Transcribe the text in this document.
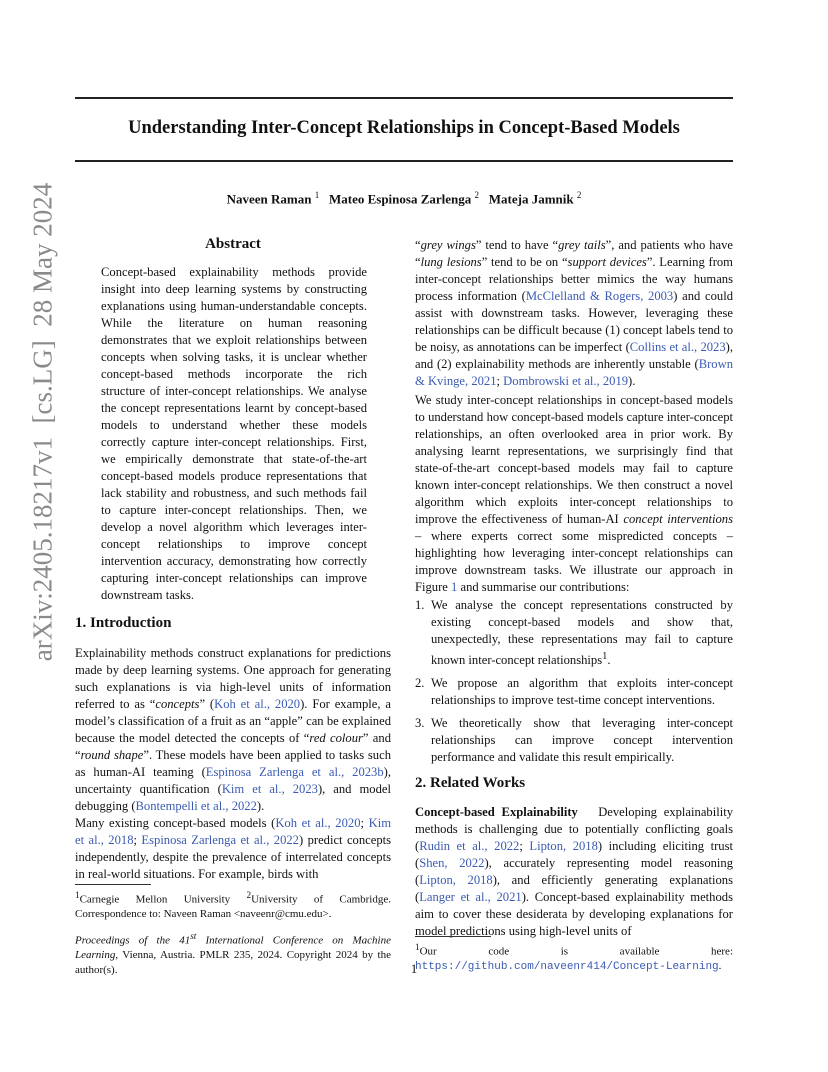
Understanding Inter-Concept Relationships in Concept-Based Models
Naveen Raman $^1$ Mateo Espinosa Zarlenga $^2$ Mateja Jamnik $^2$
arXiv:2405.18217v1  [cs.LG]  28 May 2024	Abstract
Concept-based explainability methods provide insight into deep learning systems by constructing explanations using human-understandable concepts. While the literature on human reasoning demonstrates that we exploit relationships between concepts when solving tasks, it is unclear whether concept-based methods incorporate the rich structure of inter-concept relationships. We analyse the concept representations learnt by concept-based models to understand whether these models correctly capture inter-concept relationships. First, we empirically demonstrate that state-of-the-art concept-based models produce representations that lack stability and robustness, and such methods fail to capture inter-concept relationships. Then, we develop a novel algorithm which leverages inter-concept relationships to improve concept intervention accuracy, demonstrating how correctly capturing inter-concept relationships can improve downstream tasks.
1. Introduction

Explainability methods construct explanations for predictions made by deep learning systems. One approach for generating such explanations is via high-level units of information referred to as “concepts” (Koh et al., 2020). For example, a model’s classification of a fruit as an “apple” can be explained because the model detected the concepts of “red colour” and “round shape”. These models have been applied to tasks such as human-AI teaming (Espinosa Zarlenga et al., 2023b), uncertainty quantification (Kim et al., 2023), and model debugging (Bontempelli et al., 2022).

Many existing concept-based models (Koh et al., 2020; Kim et al., 2018; Espinosa Zarlenga et al., 2022) predict concepts independently, despite the prevalence of interrelated concepts in real-world situations. For example, birds with

$^1$Carnegie Mellon University $^2$University of Cambridge. Correspondence to: Naveen Raman <naveenr@cmu.edu>.
Proceedings of the 41st International Conference on Machine Learning, Vienna, Austria. PMLR 235, 2024. Copyright 2024 by the author(s).

“grey wings” tend to have “grey tails”, and patients who have “lung lesions” tend to be on “support devices”. Learning from inter-concept relationships better mimics the way humans process information (McClelland & Rogers, 2003) and could assist with downstream tasks. However, leveraging these relationships can be difficult because (1) concept labels tend to be noisy, as annotations can be imperfect (Collins et al., 2023), and (2) explainability methods are inherently unstable (Brown & Kvinge, 2021; Dombrowski et al., 2019).

We study inter-concept relationships in concept-based models to understand how concept-based models capture inter-concept relationships, an often overlooked area in prior work. By analysing learnt representations, we surprisingly find that state-of-the-art concept-based models may fail to capture known inter-concept relationships. We then construct a novel algorithm which exploits inter-concept relationships to improve the effectiveness of human-AI concept interventions – where experts correct some mispredicted concepts – highlighting how leveraging inter-concept relationships can improve downstream tasks. We illustrate our approach in Figure 1 and summarise our contributions:

1. We analyse the concept representations constructed by existing concept-based models and show that, unexpectedly, these representations may fail to capture known inter-concept relationships$^1$.
2. We propose an algorithm that exploits inter-concept relationships to improve test-time concept interventions.
3. We theoretically show that leveraging inter-concept relationships can improve concept intervention performance and validate this result empirically.
2. Related Works

Concept-based Explainability Developing explainability methods is challenging due to potentially conflicting goals (Rudin et al., 2022; Lipton, 2018) including eliciting trust (Shen, 2022), accurately representing model reasoning (Lipton, 2018), and efficiently generating explanations (Langer et al., 2021). Concept-based explainability methods aim to cover these desiderata by developing explanations for model predictions using high-level units of

$^1$Our code is available here: https://github.com/naveenr414/Concept-Learning.
1
